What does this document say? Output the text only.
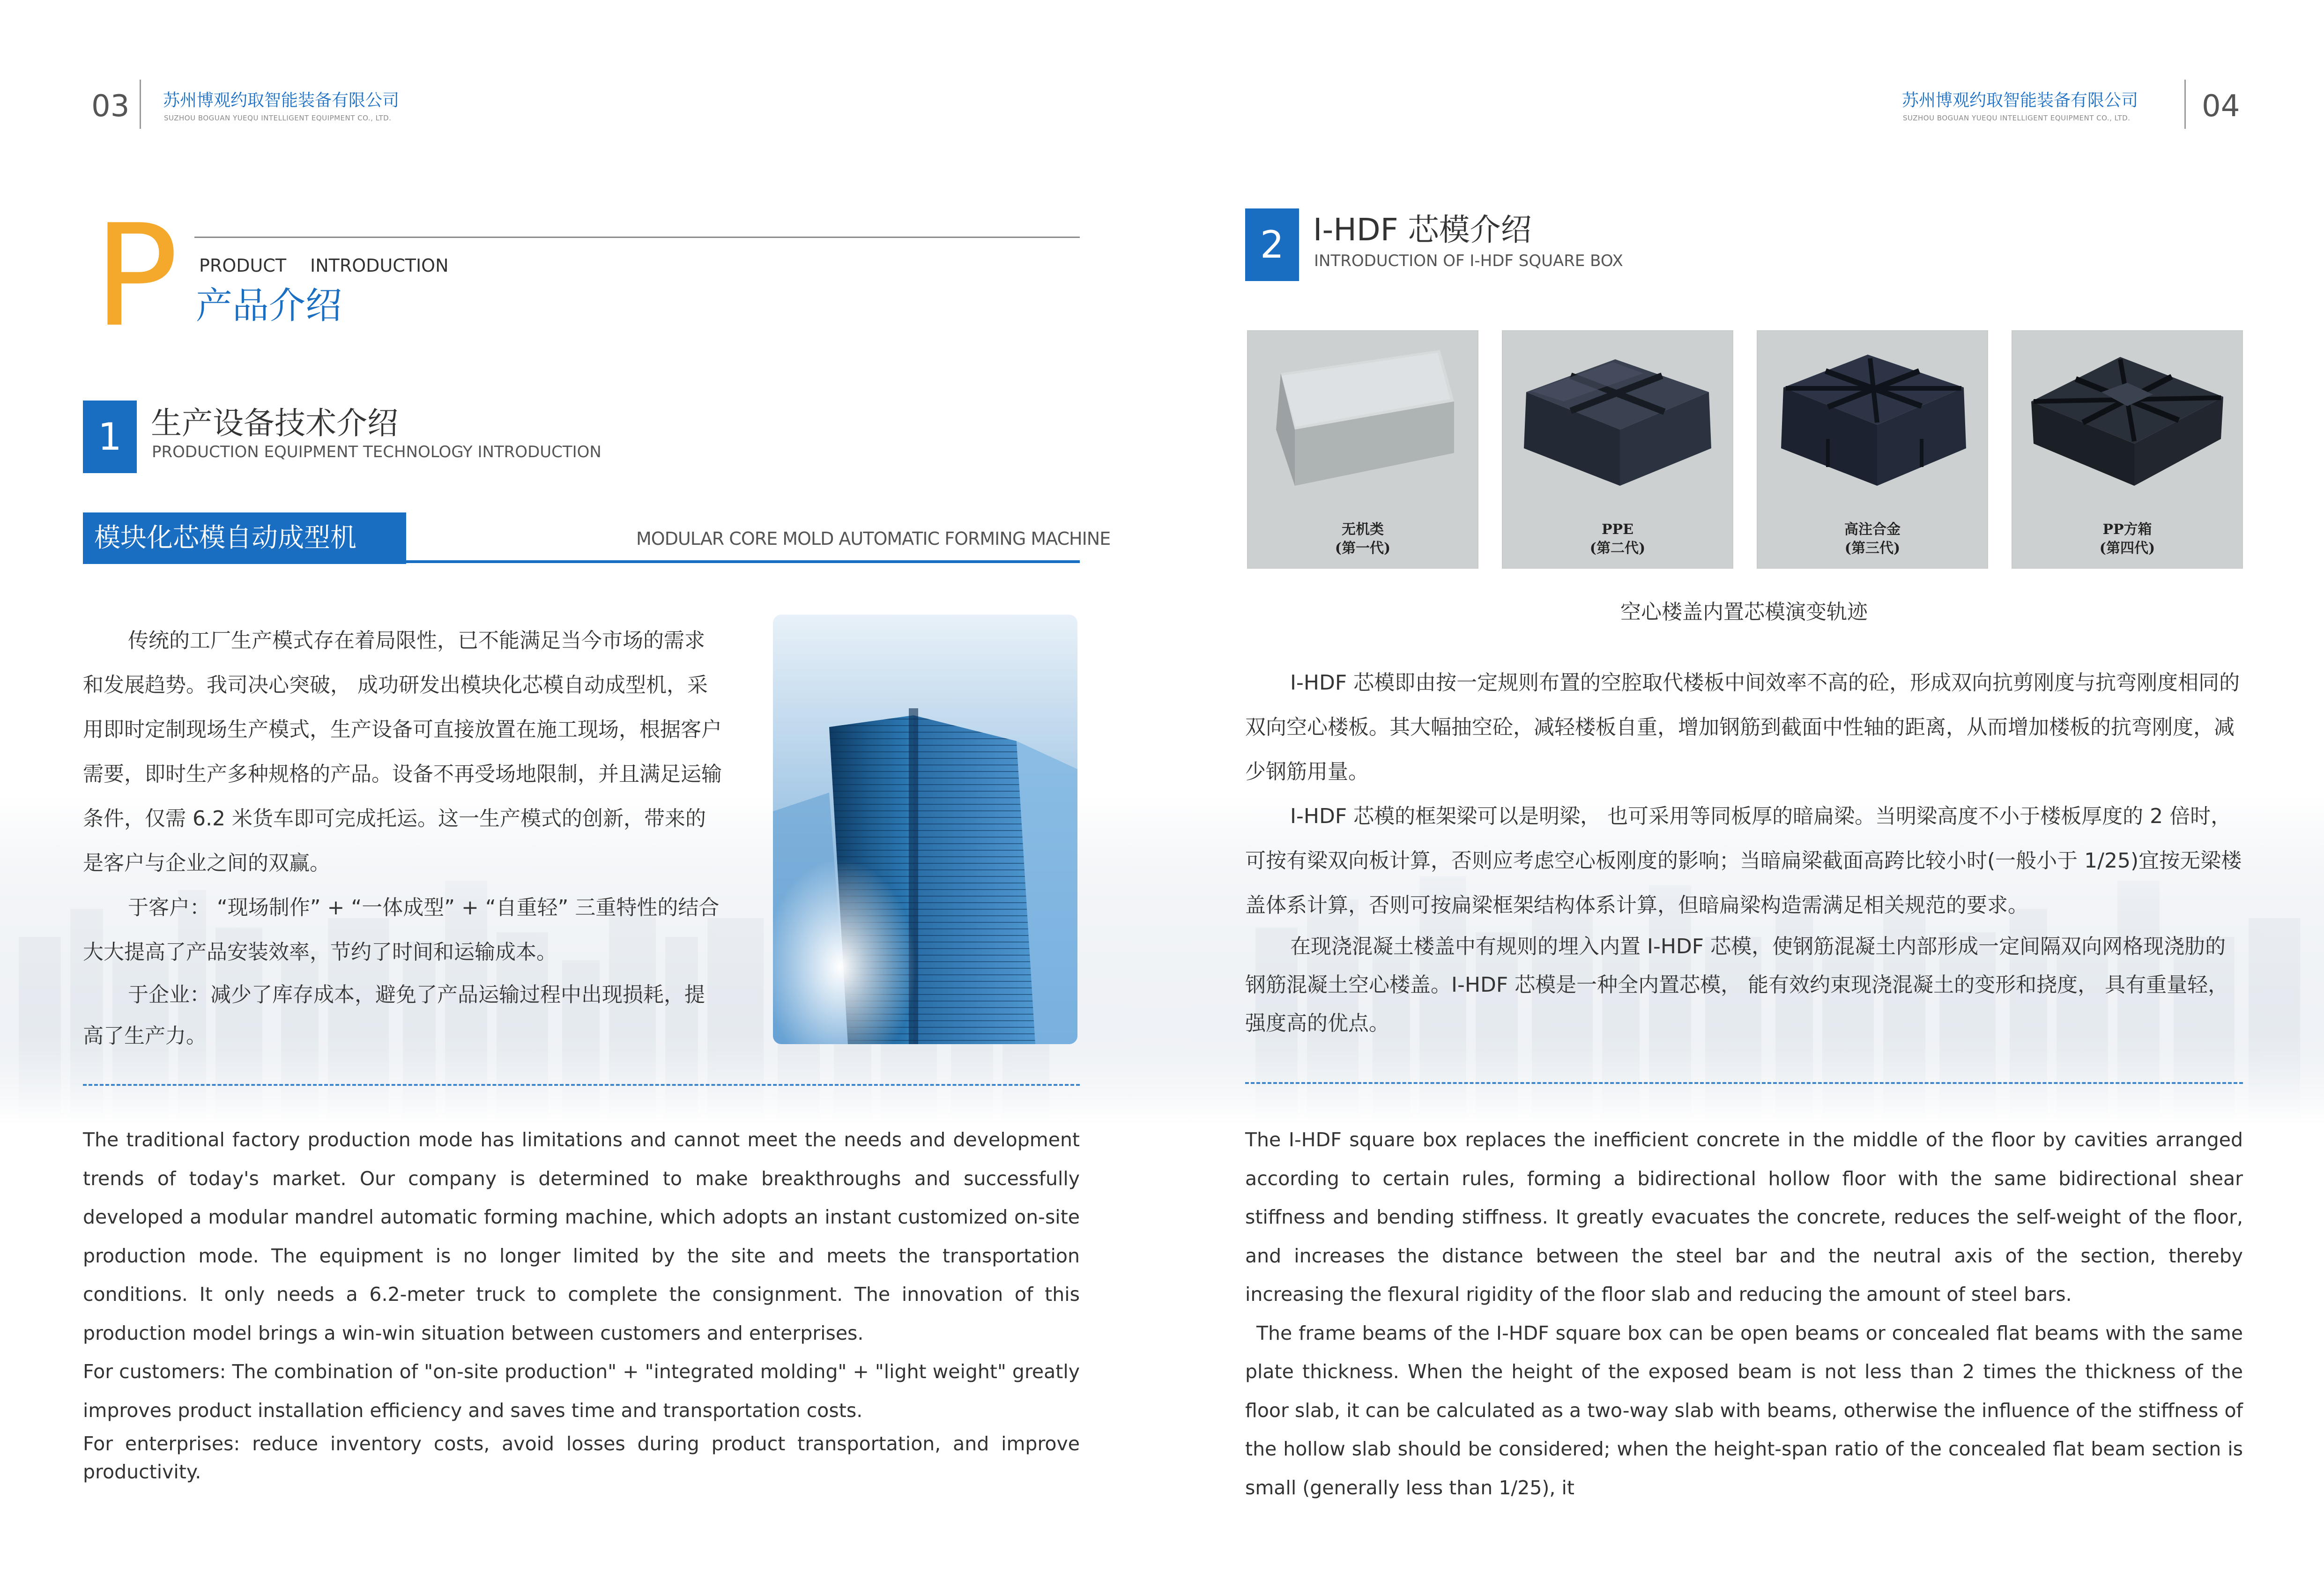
03 苏州博观约取智能装备有限公司
SUZHOU BOGUAN YUEQU INTELLIGENT EQUIPMENT CO., LTD.
苏州博观约取智能装备有限公司
SUZHOU BOGUAN YUEQU INTELLIGENT EQUIPMENT CO., LTD. 04
P PRODUCT INTRODUCTION
产品介绍
1 生产设备技术介绍
PRODUCTION EQUIPMENT TECHNOLOGY INTRODUCTION
模块化芯模自动成型机	MODULAR CORE MOLD AUTOMATIC FORMING MACHINE

传统的工厂生产模式存在着局限性，已不能满足当今市场的需求和发展趋势。我司决心突破， 成功研发出模块化芯模自动成型机，采用即时定制现场生产模式，生产设备可直接放置在施工现场，根据客户需要，即时生产多种规格的产品。设备不再受场地限制，并且满足运输条件，仅需 6.2 米货车即可完成托运。这一生产模式的创新，带来的是客户与企业之间的双赢。

于客户： “现场制作” + “一体成型” + “自重轻” 三重特性的结合大大提高了产品安装效率，节约了时间和运输成本。

于企业：减少了库存成本，避免了产品运输过程中出现损耗，提高了生产力。

The traditional factory production mode has limitations and cannot meet the needs and development trends of today's market. Our company is determined to make breakthroughs and successfully developed a modular mandrel automatic forming machine, which adopts an instant customized on-site production mode. The equipment is no longer limited by the site and meets the transportation conditions. It only needs a 6.2-meter truck to complete the consignment. The innovation of this production model brings a win-win situation between customers and enterprises.

For customers: The combination of "on-site production" + "integrated molding" + "light weight" greatly improves product installation efficiency and saves time and transportation costs.

For enterprises: reduce inventory costs, avoid losses during product transportation, and improve productivity.

2 I-HDF 芯模介绍
INTRODUCTION OF I-HDF SQUARE BOX
无机类
(第一代)
PPE
(第二代)
高注合金
(第三代)
PP方箱
(第四代)
空心楼盖内置芯模演变轨迹

I-HDF 芯模即由按一定规则布置的空腔取代楼板中间效率不高的砼，形成双向抗剪刚度与抗弯刚度相同的双向空心楼板。其大幅抽空砼，减轻楼板自重，增加钢筋到截面中性轴的距离，从而增加楼板的抗弯刚度，减少钢筋用量。

I-HDF 芯模的框架梁可以是明梁， 也可采用等同板厚的暗扁梁。当明梁高度不小于楼板厚度的 2 倍时，可按有梁双向板计算，否则应考虑空心板刚度的影响；当暗扁梁截面高跨比较小时(一般小于 1/25)宜按无梁楼盖体系计算，否则可按扁梁框架结构体系计算，但暗扁梁构造需满足相关规范的要求。

在现浇混凝土楼盖中有规则的埋入内置 I-HDF 芯模，使钢筋混凝土内部形成一定间隔双向网格现浇肋的钢筋混凝土空心楼盖。I-HDF 芯模是一种全内置芯模， 能有效约束现浇混凝土的变形和挠度， 具有重量轻，强度高的优点。

The I-HDF square box replaces the inefficient concrete in the middle of the floor by cavities arranged according to certain rules, forming a bidirectional hollow floor with the same bidirectional shear stiffness and bending stiffness. It greatly evacuates the concrete, reduces the self-weight of the floor, and increases the distance between the steel bar and the neutral axis of the section, thereby increasing the flexural rigidity of the floor slab and reducing the amount of steel bars.

The frame beams of the I-HDF square box can be open beams or concealed flat beams with the same plate thickness. When the height of the exposed beam is not less than 2 times the thickness of the floor slab, it can be calculated as a two-way slab with beams, otherwise the influence of the stiffness of the hollow slab should be considered; when the height-span ratio of the concealed flat beam section is small (generally less than 1/25), it
